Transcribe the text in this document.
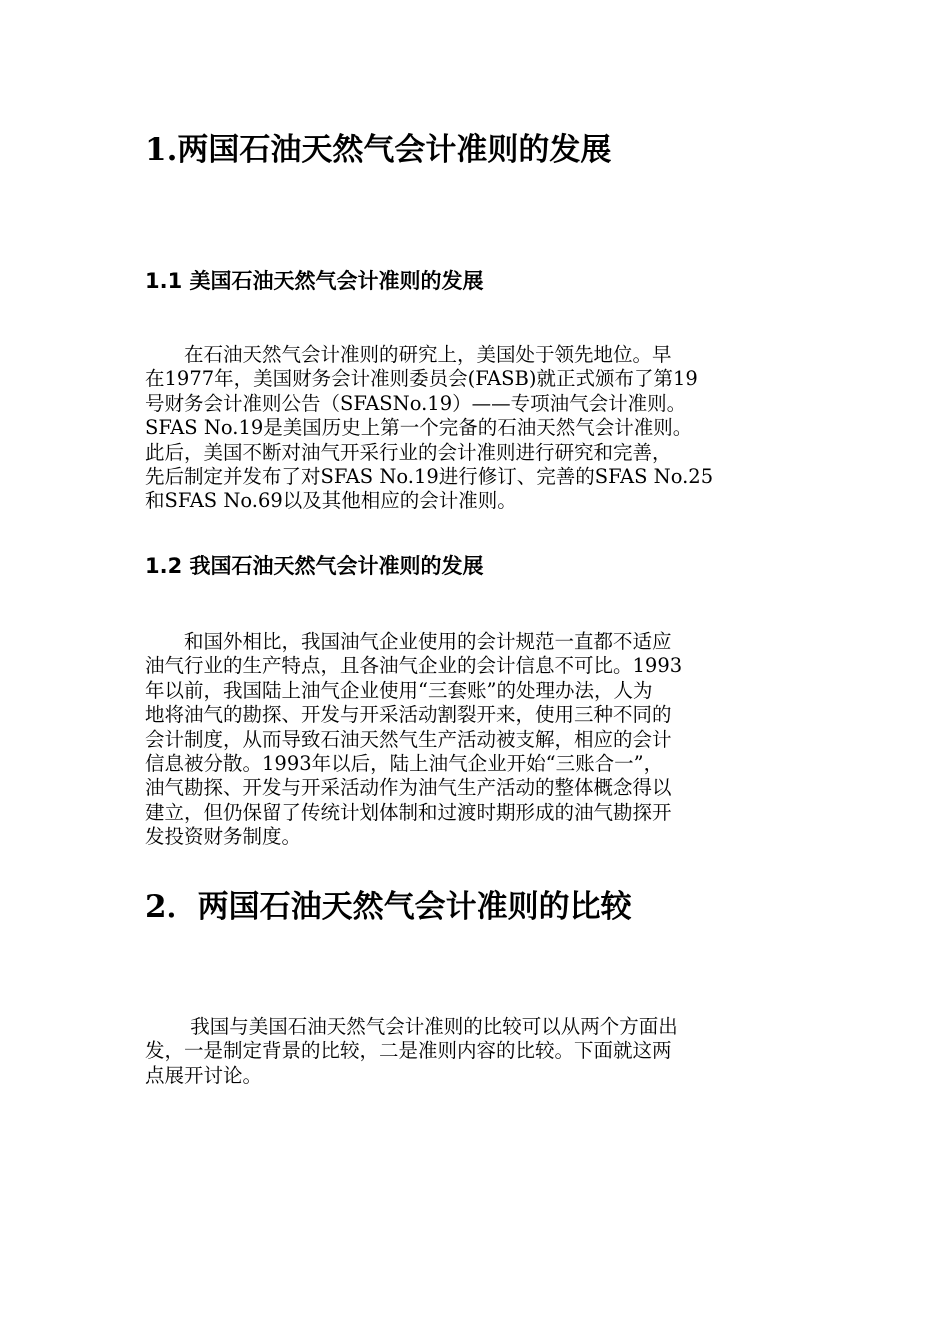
1.两国石油天然气会计准则的发展
1.1 美国石油天然气会计准则的发展
　　在石油天然气会计准则的研究上，美国处于领先地位。早
在1977年，美国财务会计准则委员会(FASB)就正式颁布了第19
号财务会计准则公告（SFASNo.19）——专项油气会计准则。
SFAS No.19是美国历史上第一个完备的石油天然气会计准则。
此后，美国不断对油气开采行业的会计准则进行研究和完善，
先后制定并发布了对SFAS No.19进行修订、完善的SFAS No.25
和SFAS No.69以及其他相应的会计准则。
1.2 我国石油天然气会计准则的发展
　　和国外相比，我国油气企业使用的会计规范一直都不适应
油气行业的生产特点，且各油气企业的会计信息不可比。1993
年以前，我国陆上油气企业使用“三套账”的处理办法，人为
地将油气的勘探、开发与开采活动割裂开来，使用三种不同的
会计制度，从而导致石油天然气生产活动被支解，相应的会计
信息被分散。1993年以后，陆上油气企业开始“三账合一”，
油气勘探、开发与开采活动作为油气生产活动的整体概念得以
建立，但仍保留了传统计划体制和过渡时期形成的油气勘探开
发投资财务制度。
2．两国石油天然气会计准则的比较
　　 我国与美国石油天然气会计准则的比较可以从两个方面出
发，一是制定背景的比较，二是准则内容的比较。下面就这两
点展开讨论。
